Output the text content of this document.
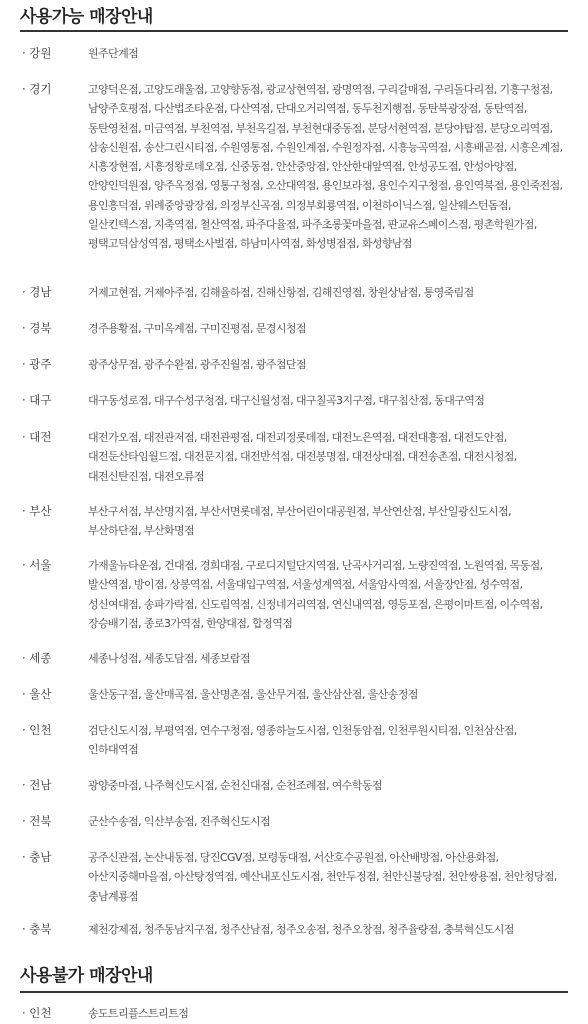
사용가능 매장안내
· 강원	원주단계점
· 경기	고양덕은점, 고양도래울점, 고양향동점, 광교상현역점, 광명역점, 구리갈매점, 구리돌다리점, 기흥구청점, 남양주호평점, 다산법조타운점, 다산역점, 단대오거리역점, 동두천지행점, 동탄북광장점, 동탄역점, 동탄영천점, 미금역점, 부천역점, 부천옥길점, 부천현대중동점, 분당서현역점, 분당야탑점, 분당오리역점, 삼송신원점, 송산그린시티점, 수원영통점, 수원인계점, 수원정자점, 시흥능곡역점, 시흥배곧점, 시흥은계점, 시흥장현점, 시흥정왕로데오점, 신중동점, 안산중앙점, 안산한대앞역점, 안성공도점, 안성아양점, 안양인덕원점, 양주옥정점, 영통구청점, 오산대역점, 용인보라점, 용인수지구청점, 용인역북점, 용인죽전점, 용인흥덕점, 위례중앙광장점, 의정부신곡점, 의정부회룡역점, 이천하이닉스점, 일산웨스턴돔점, 일산킨텍스점, 지축역점, 철산역점, 파주다율점, 파주초롱꽃마을점, 판교유스페이스점, 평촌학원가점, 평택고덕삼성역점, 평택소사벌점, 하남미사역점, 화성병점점, 화성향남점
· 경남	거제고현점, 거제아주점, 김해율하점, 진해신항점, 김해진영점, 창원상남점, 통영죽림점
· 경북	경주용황점, 구미옥계점, 구미진평점, 문경시청점
· 광주	광주상무점, 광주수완점, 광주진월점, 광주첨단점
· 대구	대구동성로점, 대구수성구청점, 대구신월성점, 대구칠곡3지구점, 대구침산점, 동대구역점
· 대전	대전가오점, 대전관저점, 대전관평점, 대전괴정롯데점, 대전노은역점, 대전대흥점, 대전도안점, 대전둔산타임월드점, 대전문지점, 대전반석점, 대전봉명점, 대전상대점, 대전송촌점, 대전시청점, 대전신탄진점, 대전오류점
· 부산	부산구서점, 부산명지점, 부산서면롯데점, 부산어린이대공원점, 부산연산점, 부산일광신도시점, 부산하단점, 부산화명점
· 서울	가재울뉴타운점, 건대점, 경희대점, 구로디지털단지역점, 난곡사거리점, 노량진역점, 노원역점, 목동점, 발산역점, 방이점, 상봉역점, 서울대입구역점, 서울성계역점, 서울암사역점, 서울장안점, 성수역점, 성신여대점, 송파가락점, 신도림역점, 신정네거리역점, 연신내역점, 영등포점, 은평이마트점, 이수역점, 장승배기점, 종로3가역점, 한양대점, 합정역점
· 세종	세종나성점, 세종도담점, 세종보람점
· 울산	울산동구점, 울산매곡점, 울산명촌점, 울산무거점, 울산삼산점, 울산송정점
· 인천	검단신도시점, 부평역점, 연수구청점, 영종하늘도시점, 인천동암점, 인천루원시티점, 인천삼산점, 인하대역점
· 전남	광양중마점, 나주혁신도시점, 순천신대점, 순천조례점, 여수학동점
· 전북	군산수송점, 익산부송점, 전주혁신도시점
· 충남	공주신관점, 논산내동점, 당진CGV점, 보령동대점, 서산호수공원점, 아산배방점, 아산용화점, 아산지중해마을점, 아산탕정역점, 예산내포신도시점, 천안두정점, 천안신불당점, 천안쌍용점, 천안청당점, 충남계룡점
· 충북	제천강제점, 청주동남지구점, 청주산남점, 청주오송점, 청주오창점, 청주율량점, 충북혁신도시점
사용불가 매장안내
· 인천	송도트리플스트리트점
